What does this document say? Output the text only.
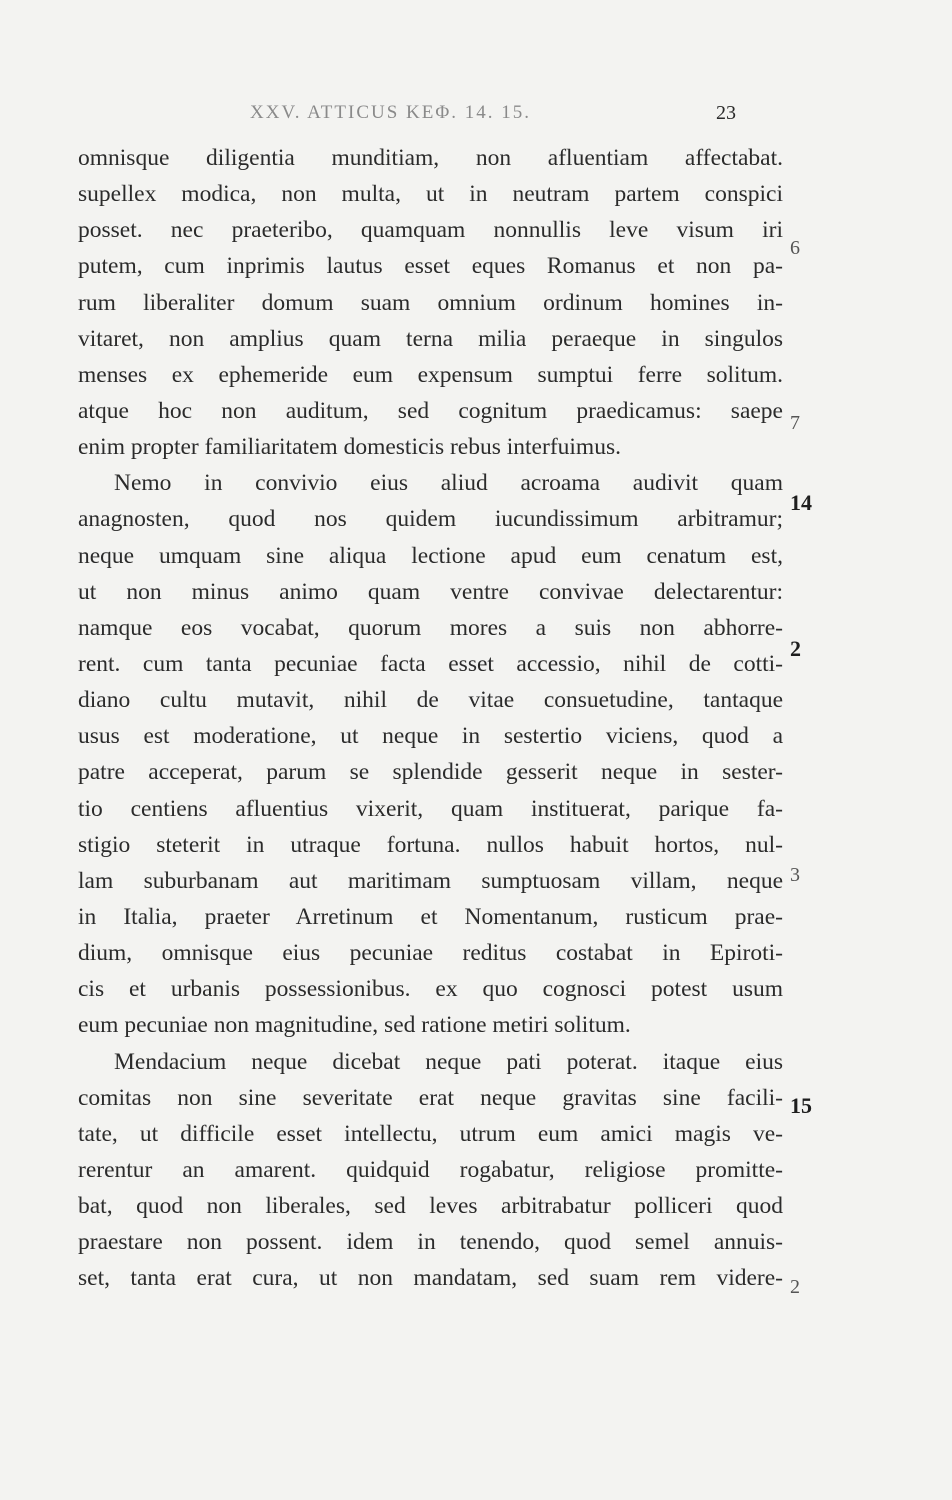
XXV. ATTICUS ΚΕΦ. 14. 15.	23
omnisque diligentia munditiam, non afluentiam affectabat.
supellex modica, non multa, ut in neutram partem conspici
posset. nec praeteribo, quamquam nonnullis leve visum iri
putem, cum inprimis lautus esset eques Romanus et non pa-
rum liberaliter domum suam omnium ordinum homines in-
vitaret, non amplius quam terna milia peraeque in singulos
menses ex ephemeride eum expensum sumptui ferre solitum.
atque hoc non auditum, sed cognitum praedicamus: saepe
enim propter familiaritatem domesticis rebus interfuimus.
Nemo in convivio eius aliud acroama audivit quam
anagnosten, quod nos quidem iucundissimum arbitramur;
neque umquam sine aliqua lectione apud eum cenatum est,
ut non minus animo quam ventre convivae delectarentur:
namque eos vocabat, quorum mores a suis non abhorre-
rent. cum tanta pecuniae facta esset accessio, nihil de cotti-
diano cultu mutavit, nihil de vitae consuetudine, tantaque
usus est moderatione, ut neque in sestertio viciens, quod a
patre acceperat, parum se splendide gesserit neque in sester-
tio centiens afluentius vixerit, quam instituerat, parique fa-
stigio steterit in utraque fortuna. nullos habuit hortos, nul-
lam suburbanam aut maritimam sumptuosam villam, neque
in Italia, praeter Arretinum et Nomentanum, rusticum prae-
dium, omnisque eius pecuniae reditus costabat in Epiroti-
cis et urbanis possessionibus. ex quo cognosci potest usum
eum pecuniae non magnitudine, sed ratione metiri solitum.
Mendacium neque dicebat neque pati poterat. itaque eius
comitas non sine severitate erat neque gravitas sine facili-
tate, ut difficile esset intellectu, utrum eum amici magis ve-
rerentur an amarent. quidquid rogabatur, religiose promitte-
bat, quod non liberales, sed leves arbitrabatur polliceri quod
praestare non possent. idem in tenendo, quod semel annuis-
set, tanta erat cura, ut non mandatam, sed suam rem videre-
6
7
14
2
3
15
2
